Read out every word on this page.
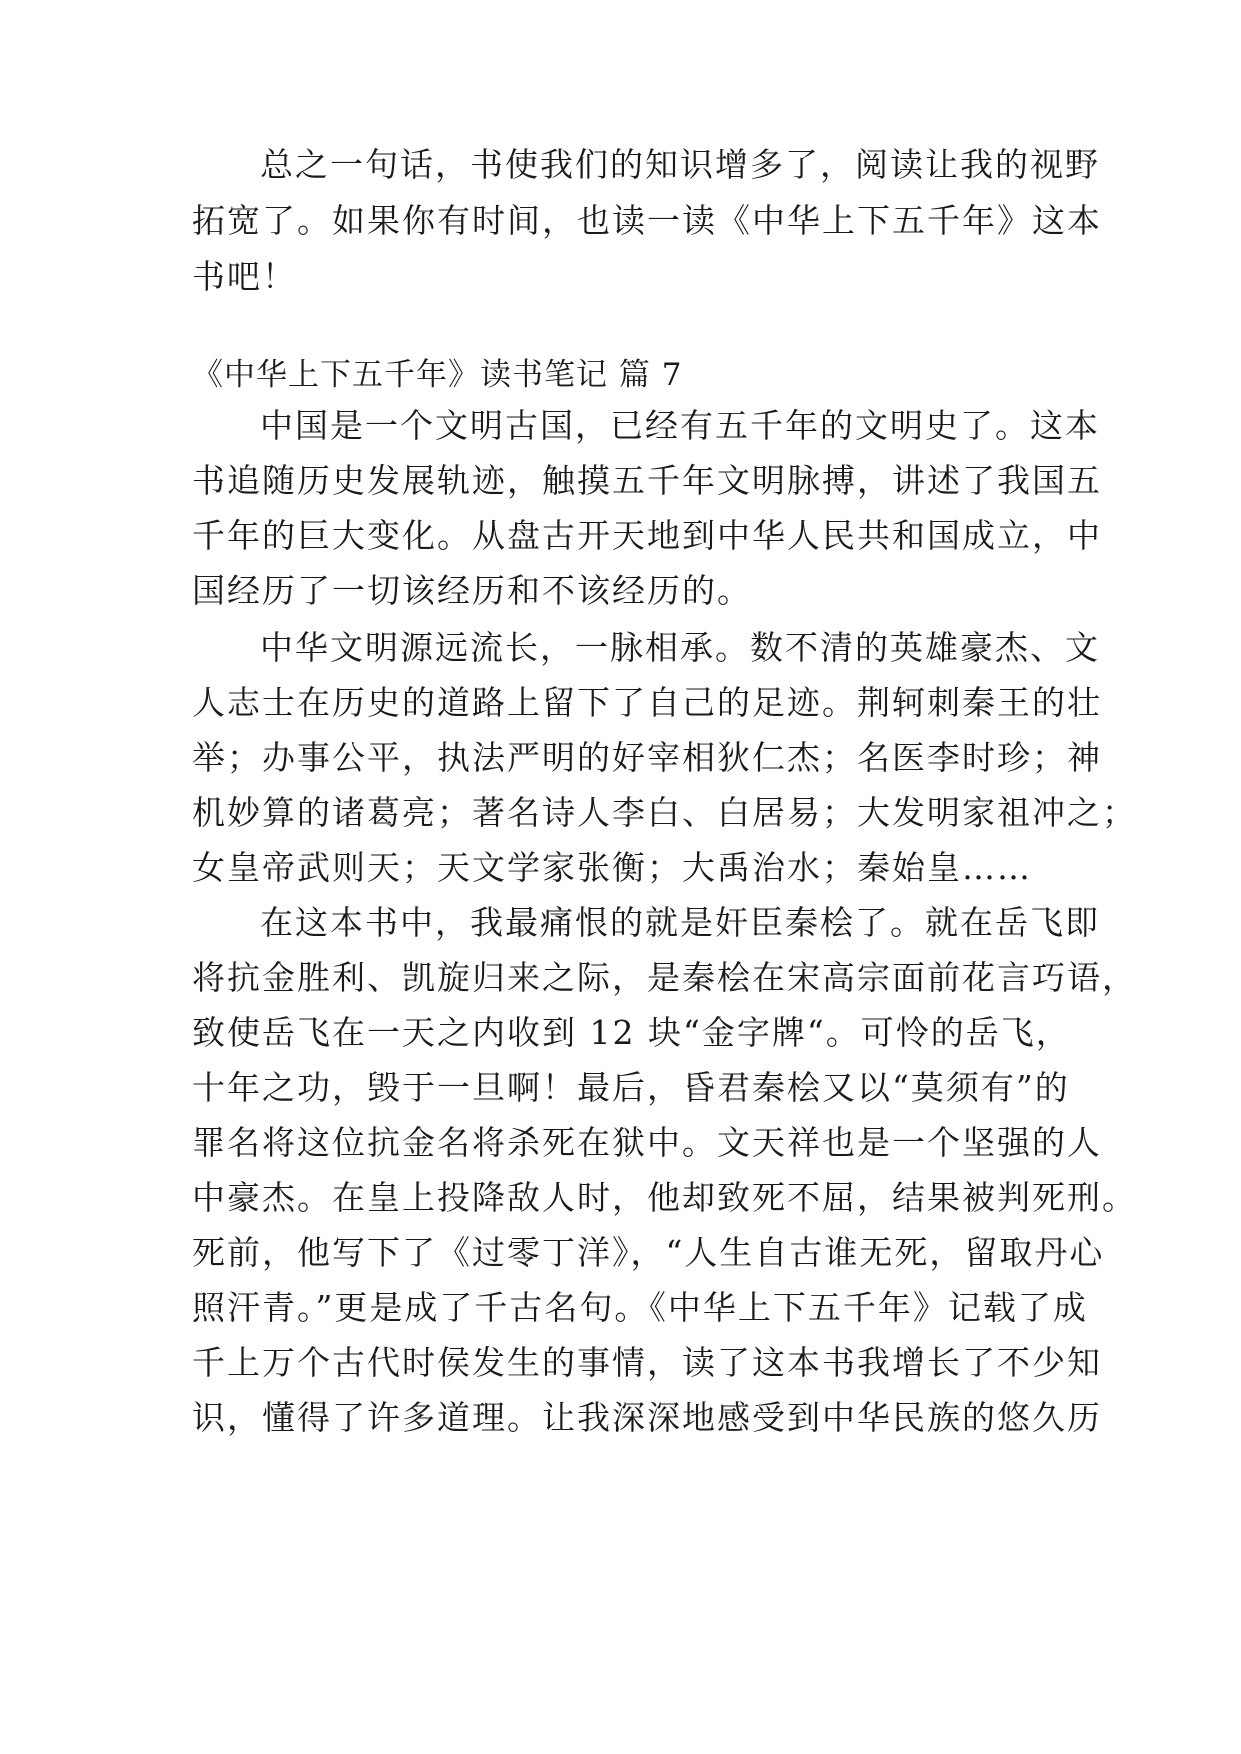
总之一句话，书使我们的知识增多了，阅读让我的视野
拓宽了。如果你有时间，也读一读《中华上下五千年》这本
书吧！
《中华上下五千年》读书笔记 篇 7
中国是一个文明古国，已经有五千年的文明史了。这本
书追随历史发展轨迹，触摸五千年文明脉搏，讲述了我国五
千年的巨大变化。从盘古开天地到中华人民共和国成立，中
国经历了一切该经历和不该经历的。
中华文明源远流长，一脉相承。数不清的英雄豪杰、文
人志士在历史的道路上留下了自己的足迹。荆轲刺秦王的壮
举；办事公平，执法严明的好宰相狄仁杰；名医李时珍；神
机妙算的诸葛亮；著名诗人李白、白居易；大发明家祖冲之；
女皇帝武则天；天文学家张衡；大禹治水；秦始皇……
在这本书中，我最痛恨的就是奸臣秦桧了。就在岳飞即
将抗金胜利、凯旋归来之际，是秦桧在宋高宗面前花言巧语，
致使岳飞在一天之内收到 12 块“金字牌“。可怜的岳飞，
十年之功，毁于一旦啊！最后，昏君秦桧又以“莫须有”的
罪名将这位抗金名将杀死在狱中。文天祥也是一个坚强的人
中豪杰。在皇上投降敌人时，他却致死不屈，结果被判死刑。
死前，他写下了《过零丁洋》，“人生自古谁无死，留取丹心
照汗青。”更是成了千古名句。《中华上下五千年》记载了成
千上万个古代时侯发生的事情，读了这本书我增长了不少知
识，懂得了许多道理。让我深深地感受到中华民族的悠久历
